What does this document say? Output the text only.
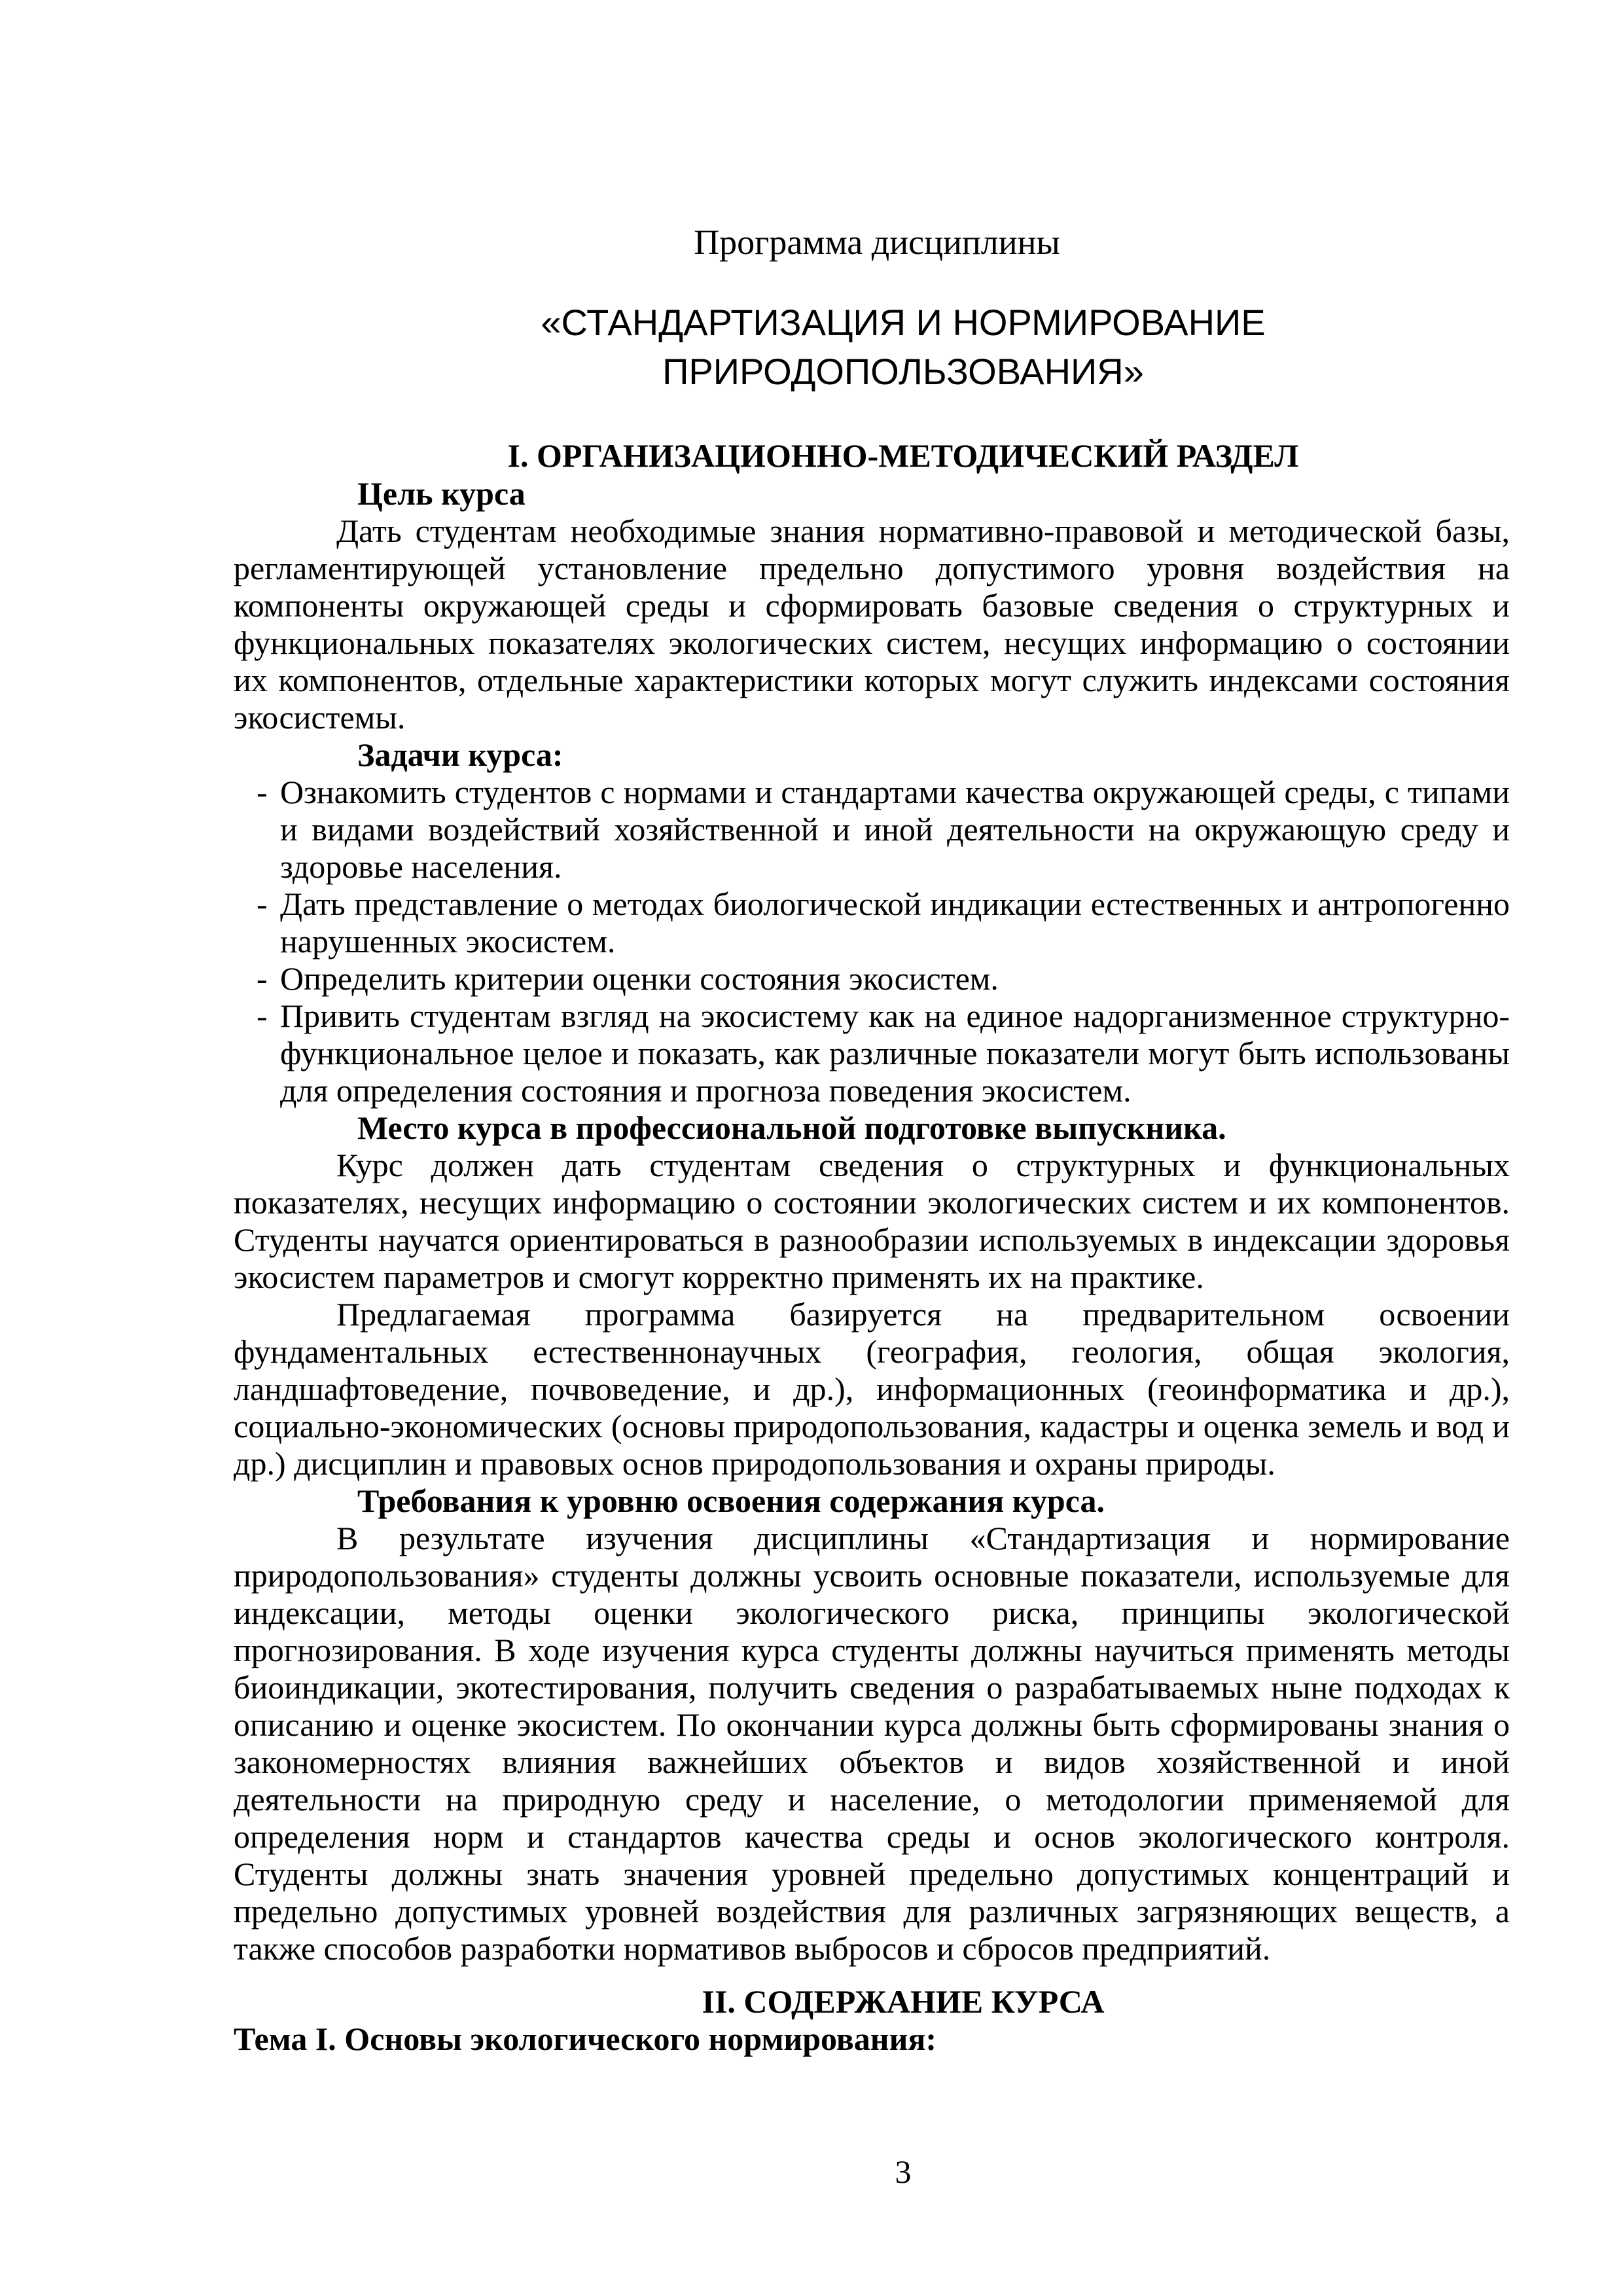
Программа дисциплины
«СТАНДАРТИЗАЦИЯ И НОРМИРОВАНИЕ ПРИРОДОПОЛЬЗОВАНИЯ»
I. ОРГАНИЗАЦИОННО-МЕТОДИЧЕСКИЙ РАЗДЕЛ
Цель курса

Дать студентам необходимые знания нормативно-правовой и методической базы, регламентирующей установление предельно допустимого уровня воздействия на компоненты окружающей среды и сформировать базовые сведения о структурных и функциональных показателях экологических систем, несущих информацию о состоянии их компонентов, отдельные характеристики которых могут служить индексами состояния экосистемы.

Задачи курса:

- Ознакомить студентов с нормами и стандартами качества окружающей среды, с типами и видами воздействий хозяйственной и иной деятельности на окружающую среду и здоровье населения.

- Дать представление о методах биологической индикации естественных и антропогенно нарушенных экосистем.

- Определить критерии оценки состояния экосистем.

- Привить студентам взгляд на экосистему как на единое надорганизменное структурно-функциональное целое и показать, как различные показатели могут быть использованы для определения состояния и прогноза поведения экосистем.

Место курса в профессиональной подготовке выпускника.

Курс должен дать студентам сведения о структурных и функциональных показателях, несущих информацию о состоянии экологических систем и их компонентов. Студенты научатся ориентироваться в разнообразии используемых в индексации здоровья экосистем параметров и смогут корректно применять их на практике.

Предлагаемая программа базируется на предварительном освоении фундаментальных естественнонаучных (география, геология, общая экология, ландшафтоведение, почвоведение, и др.), информационных (геоинформатика и др.), социально-экономических (основы природопользования, кадастры и оценка земель и вод и др.) дисциплин и правовых основ природопользования и охраны природы.

Требования к уровню освоения содержания курса.

В результате изучения дисциплины «Стандартизация и нормирование природопользования» студенты должны усвоить основные показатели, используемые для индексации, методы оценки экологического риска, принципы экологической прогнозирования. В ходе изучения курса студенты должны научиться применять методы биоиндикации, экотестирования, получить сведения о разрабатываемых ныне подходах к описанию и оценке экосистем. По окончании курса должны быть сформированы знания о закономерностях влияния важнейших объектов и видов хозяйственной и иной деятельности на природную среду и население, о методологии применяемой для определения норм и стандартов качества среды и основ экологического контроля. Студенты должны знать значения уровней предельно допустимых концентраций и предельно допустимых уровней воздействия для различных загрязняющих веществ, а также способов разработки нормативов выбросов и сбросов предприятий.

II. СОДЕРЖАНИЕ КУРСА
Тема I. Основы экологического нормирования:
3
